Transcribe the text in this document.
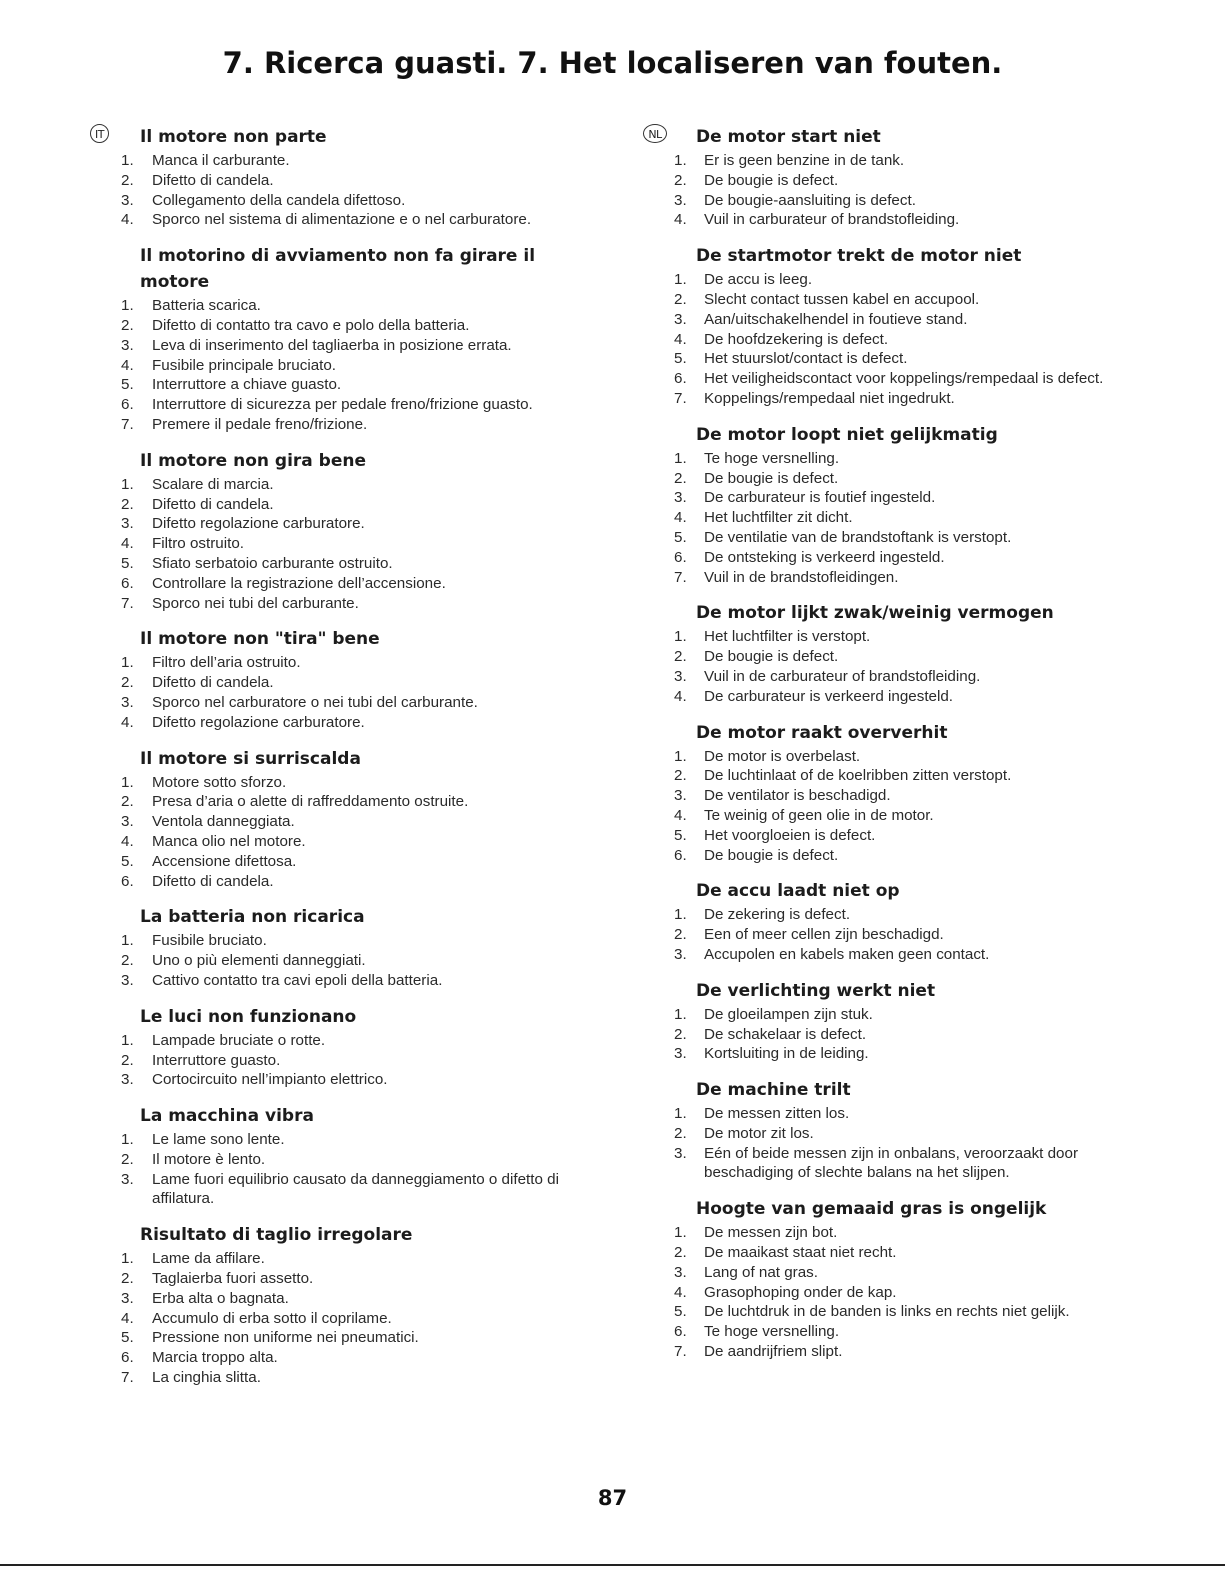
7. Ricerca guasti. 7. Het localiseren van fouten.
IT Il motore non parte
1. Manca il carburante.
2. Difetto di candela.
3. Collegamento della candela difettoso.
4. Sporco nel sistema di alimentazione e o nel carburatore.
Il motorino di avviamento non fa girare il motore
1. Batteria scarica.
2. Difetto di contatto tra cavo e polo della batteria.
3. Leva di inserimento del tagliaerba in posizione errata.
4. Fusibile principale bruciato.
5. Interruttore a chiave guasto.
6. Interruttore di sicurezza per pedale freno/frizione guasto.
7. Premere il pedale freno/frizione.
Il motore non gira bene
1. Scalare di marcia.
2. Difetto di candela.
3. Difetto regolazione carburatore.
4. Filtro ostruito.
5. Sfiato serbatoio carburante ostruito.
6. Controllare la registrazione dell’accensione.
7. Sporco nei tubi del carburante.
Il motore non "tira" bene
1. Filtro dell’aria ostruito.
2. Difetto di candela.
3. Sporco nel carburatore o nei tubi del carburante.
4. Difetto regolazione carburatore.
Il motore si surriscalda
1. Motore sotto sforzo.
2. Presa d’aria o alette di raffreddamento ostruite.
3. Ventola danneggiata.
4. Manca olio nel motore.
5. Accensione difettosa.
6. Difetto di candela.
La batteria non ricarica
1. Fusibile bruciato.
2. Uno o più elementi danneggiati.
3. Cattivo contatto tra cavi epoli della batteria.
Le luci non funzionano
1. Lampade bruciate o rotte.
2. Interruttore guasto.
3. Cortocircuito nell’impianto elettrico.
La macchina vibra
1. Le lame sono lente.
2. Il motore è lento.
3. Lame fuori equilibrio causato da danneggiamento o difetto di affilatura.
Risultato di taglio irregolare
1. Lame da affilare.
2. Taglaierba fuori assetto.
3. Erba alta o bagnata.
4. Accumulo di erba sotto il coprilame.
5. Pressione non uniforme nei pneumatici.
6. Marcia troppo alta.
7. La cinghia slitta.
NL	De motor start niet
1. Er is geen benzine in de tank.
2. De bougie is defect.
3. De bougie-aansluiting is defect.
4. Vuil in carburateur of brandstofleiding.
De startmotor trekt de motor niet
1. De accu is leeg.
2. Slecht contact tussen kabel en accupool.
3. Aan/uitschakelhendel in foutieve stand.
4. De hoofdzekering is defect.
5. Het stuurslot/contact is defect.
6. Het veiligheidscontact voor koppelings/rempedaal is defect.
7. Koppelings/rempedaal niet ingedrukt.
De motor loopt niet gelijkmatig
1. Te hoge versnelling.
2. De bougie is defect.
3. De carburateur is foutief ingesteld.
4. Het luchtfilter zit dicht.
5. De ventilatie van de brandstoftank is verstopt.
6. De ontsteking is verkeerd ingesteld.
7. Vuil in de brandstofleidingen.
De motor lijkt zwak/weinig vermogen
1. Het luchtfilter is verstopt.
2. De bougie is defect.
3. Vuil in de carburateur of brandstofleiding.
4. De carburateur is verkeerd ingesteld.
De motor raakt oververhit
1. De motor is overbelast.
2. De luchtinlaat of de koelribben zitten verstopt.
3. De ventilator is beschadigd.
4. Te weinig of geen olie in de motor.
5. Het voorgloeien is defect.
6. De bougie is defect.
De accu laadt niet op
1. De zekering is defect.
2. Een of meer cellen zijn beschadigd.
3. Accupolen en kabels maken geen contact.
De verlichting werkt niet
1. De gloeilampen zijn stuk.
2. De schakelaar is defect.
3. Kortsluiting in de leiding.
De machine trilt
1. De messen zitten los.
2. De motor zit los.
3. Eén of beide messen zijn in onbalans, veroorzaakt door beschadiging of slechte balans na het slijpen.
Hoogte van gemaaid gras is ongelijk
1. De messen zijn bot.
2. De maaikast staat niet recht.
3. Lang of nat gras.
4. Grasophoping onder de kap.
5. De luchtdruk in de banden is links en rechts niet gelijk.
6. Te hoge versnelling.
7. De aandrijfriem slipt.
87
